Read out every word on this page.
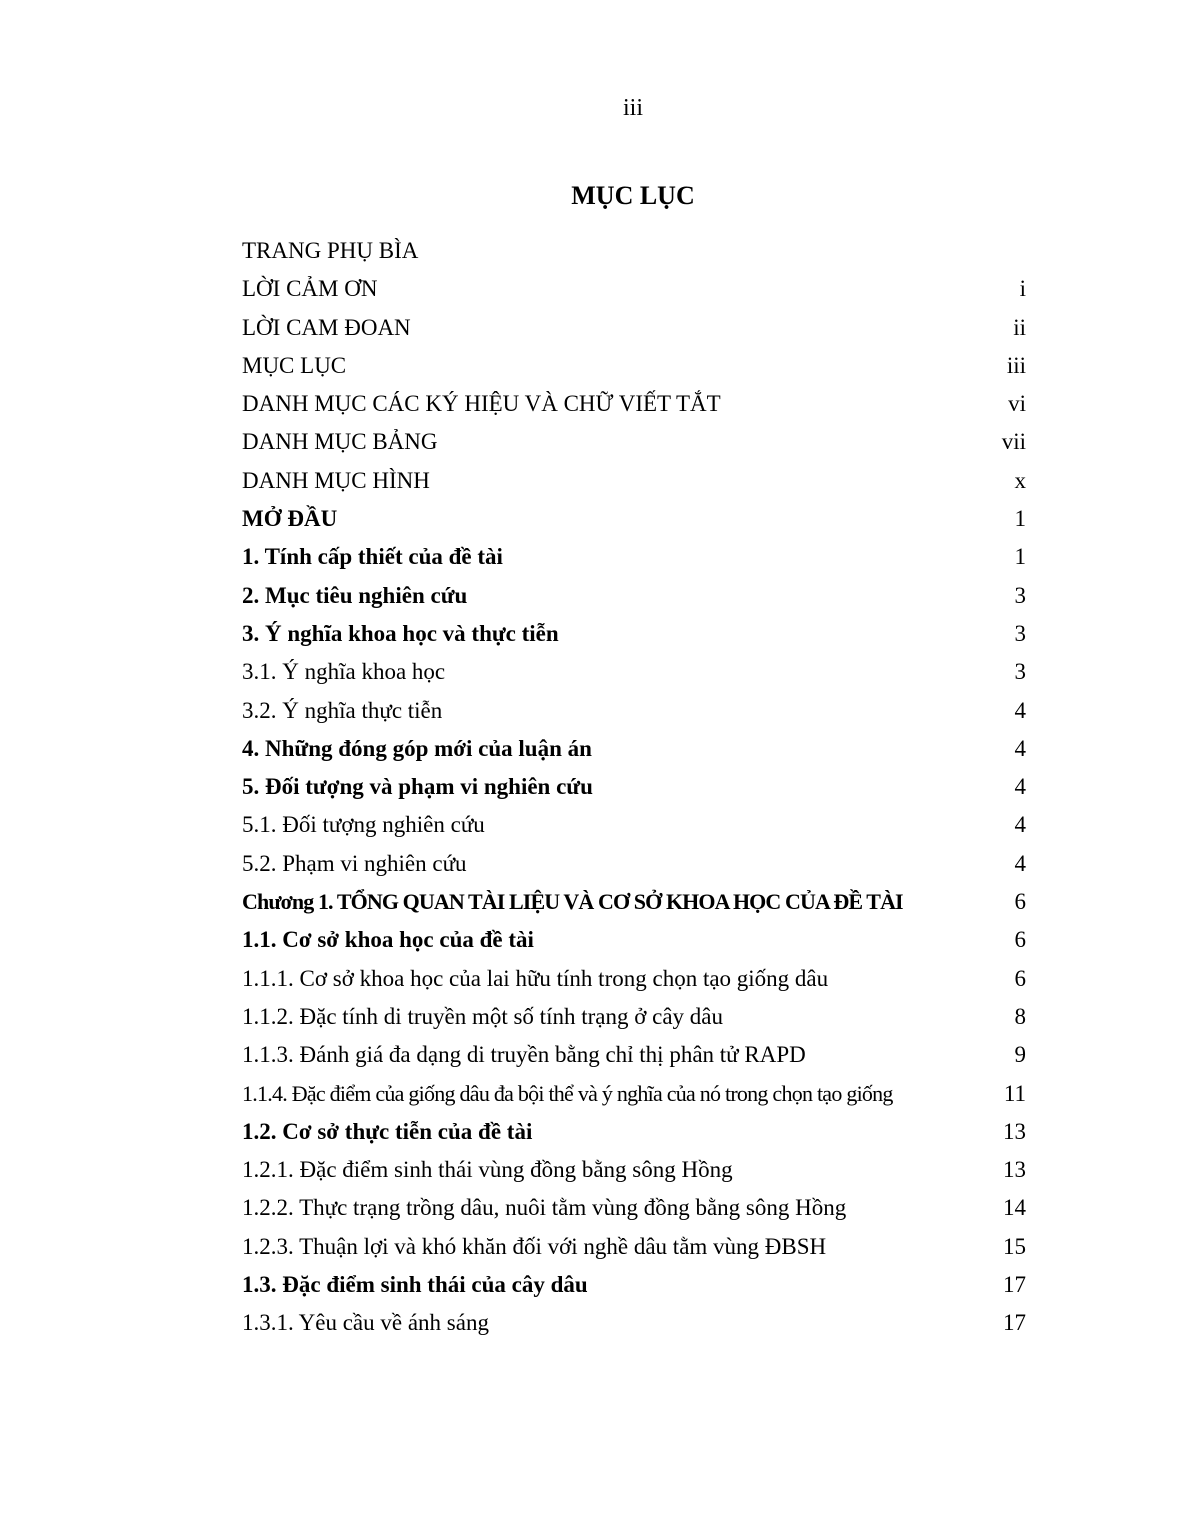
iii
MỤC LỤC
TRANG PHỤ BÌA
LỜI CẢM ƠN	i
LỜI CAM ĐOAN	ii
MỤC LỤC	iii
DANH MỤC CÁC KÝ HIỆU VÀ CHỮ VIẾT TẮT	vi
DANH MỤC BẢNG	vii
DANH MỤC HÌNH	x
MỞ ĐẦU	1
1. Tính cấp thiết của đề tài	1
2. Mục tiêu nghiên cứu	3
3. Ý nghĩa khoa học và thực tiễn	3
3.1. Ý nghĩa khoa học	3
3.2. Ý nghĩa thực tiễn	4
4. Những đóng góp mới của luận án	4
5. Đối tượng và phạm vi nghiên cứu	4
5.1. Đối tượng nghiên cứu	4
5.2. Phạm vi nghiên cứu	4
Chương 1. TỔNG QUAN TÀI LIỆU VÀ CƠ SỞ KHOA HỌC CỦA ĐỀ TÀI	6
1.1. Cơ sở khoa học của đề tài	6
1.1.1. Cơ sở khoa học của lai hữu tính trong chọn tạo giống dâu	6
1.1.2. Đặc tính di truyền một số tính trạng ở cây dâu	8
1.1.3. Đánh giá đa dạng di truyền bằng chỉ thị phân tử RAPD	9
1.1.4. Đặc điểm của giống dâu đa bội thể và ý nghĩa của nó trong chọn tạo giống	11
1.2. Cơ sở thực tiễn của đề tài	13
1.2.1. Đặc điểm sinh thái vùng đồng bằng sông Hồng	13
1.2.2. Thực trạng trồng dâu, nuôi tằm vùng đồng bằng sông Hồng	14
1.2.3. Thuận lợi và khó khăn đối với nghề dâu tằm vùng ĐBSH	15
1.3. Đặc điểm sinh thái của cây dâu	17
1.3.1. Yêu cầu về ánh sáng	17
